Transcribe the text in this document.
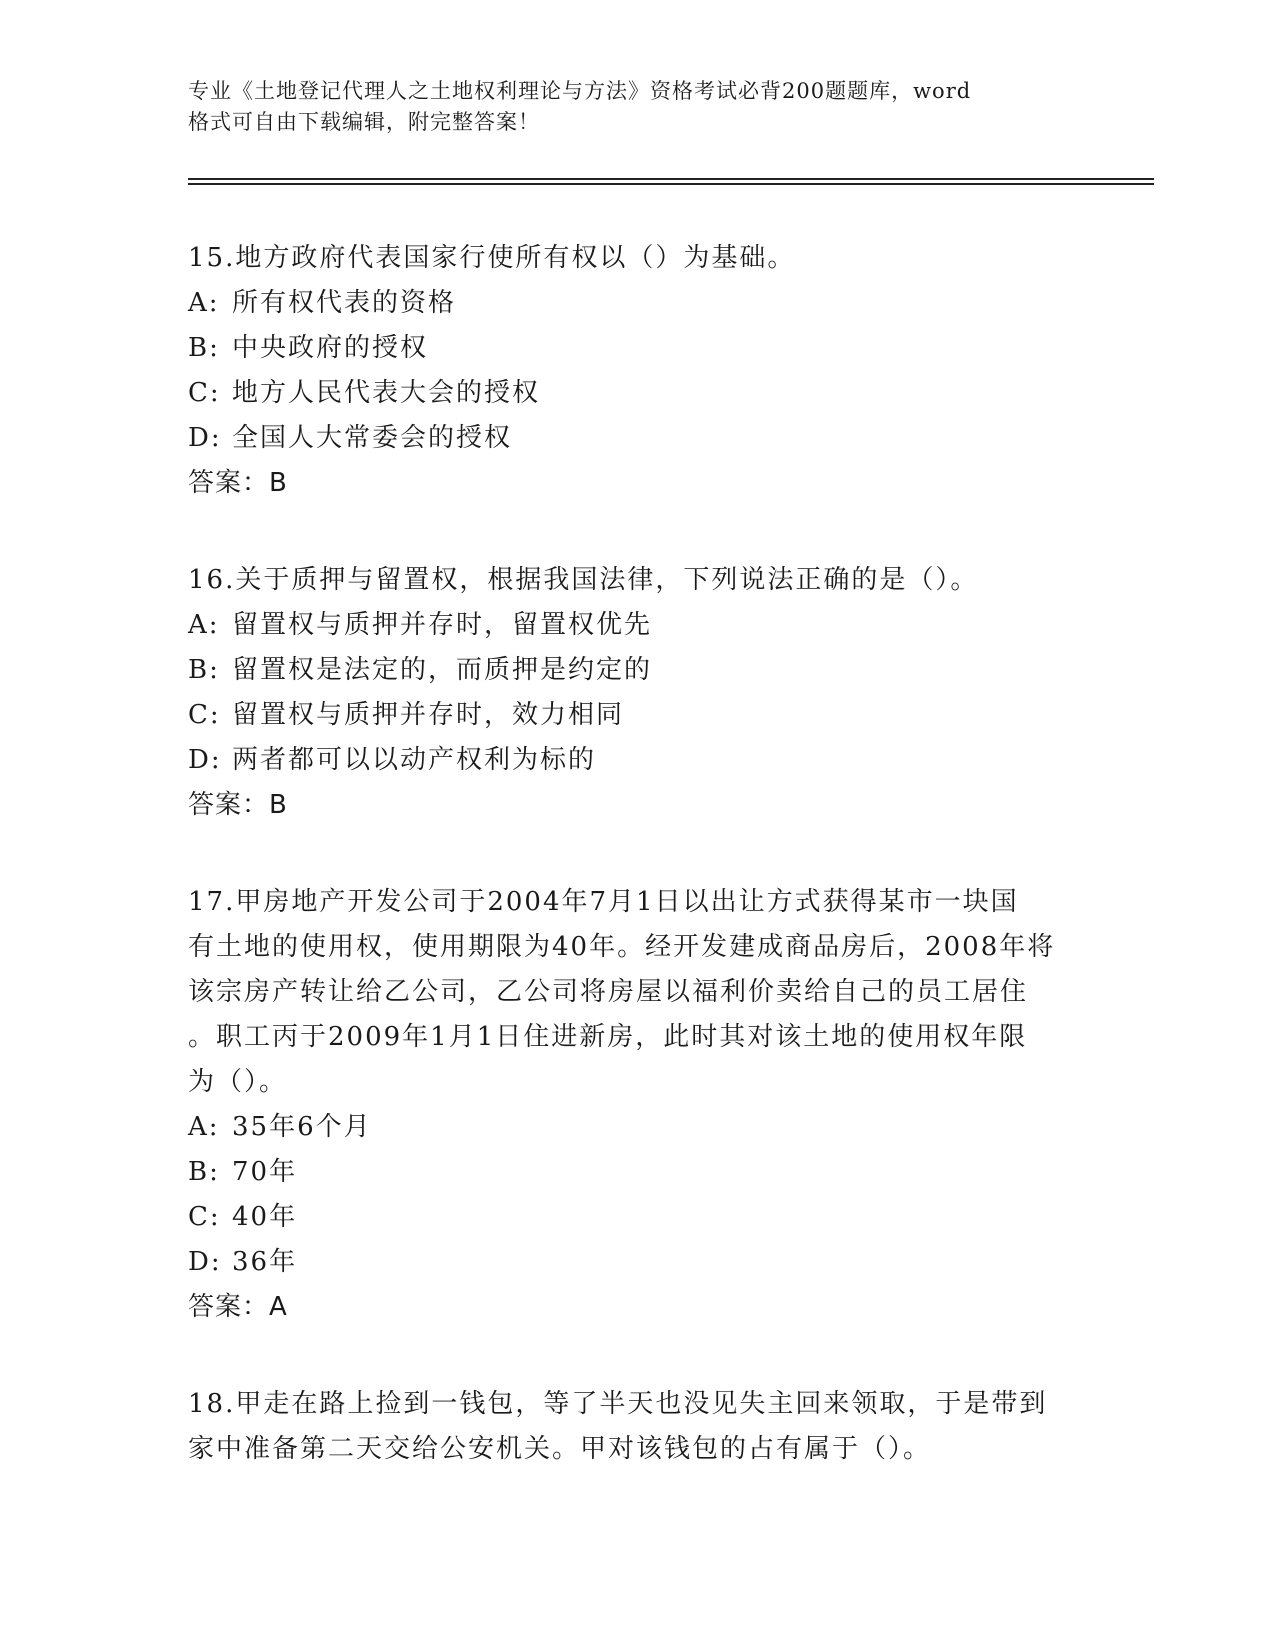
专业《土地登记代理人之土地权利理论与方法》资格考试必背200题题库，word
格式可自由下载编辑，附完整答案！
15.地方政府代表国家行使所有权以（）为基础。
A: 所有权代表的资格
B: 中央政府的授权
C: 地方人民代表大会的授权
D: 全国人大常委会的授权
答案：B
16.关于质押与留置权，根据我国法律，下列说法正确的是（）。
A: 留置权与质押并存时，留置权优先
B: 留置权是法定的，而质押是约定的
C: 留置权与质押并存时，效力相同
D: 两者都可以以动产权利为标的
答案：B
17.甲房地产开发公司于2004年7月1日以出让方式获得某市一块国
有土地的使用权，使用期限为40年。经开发建成商品房后，2008年将
该宗房产转让给乙公司，乙公司将房屋以福利价卖给自己的员工居住
。职工丙于2009年1月1日住进新房，此时其对该土地的使用权年限
为（）。
A: 35年6个月
B: 70年
C: 40年
D: 36年
答案：A
18.甲走在路上捡到一钱包，等了半天也没见失主回来领取，于是带到
家中准备第二天交给公安机关。甲对该钱包的占有属于（）。
